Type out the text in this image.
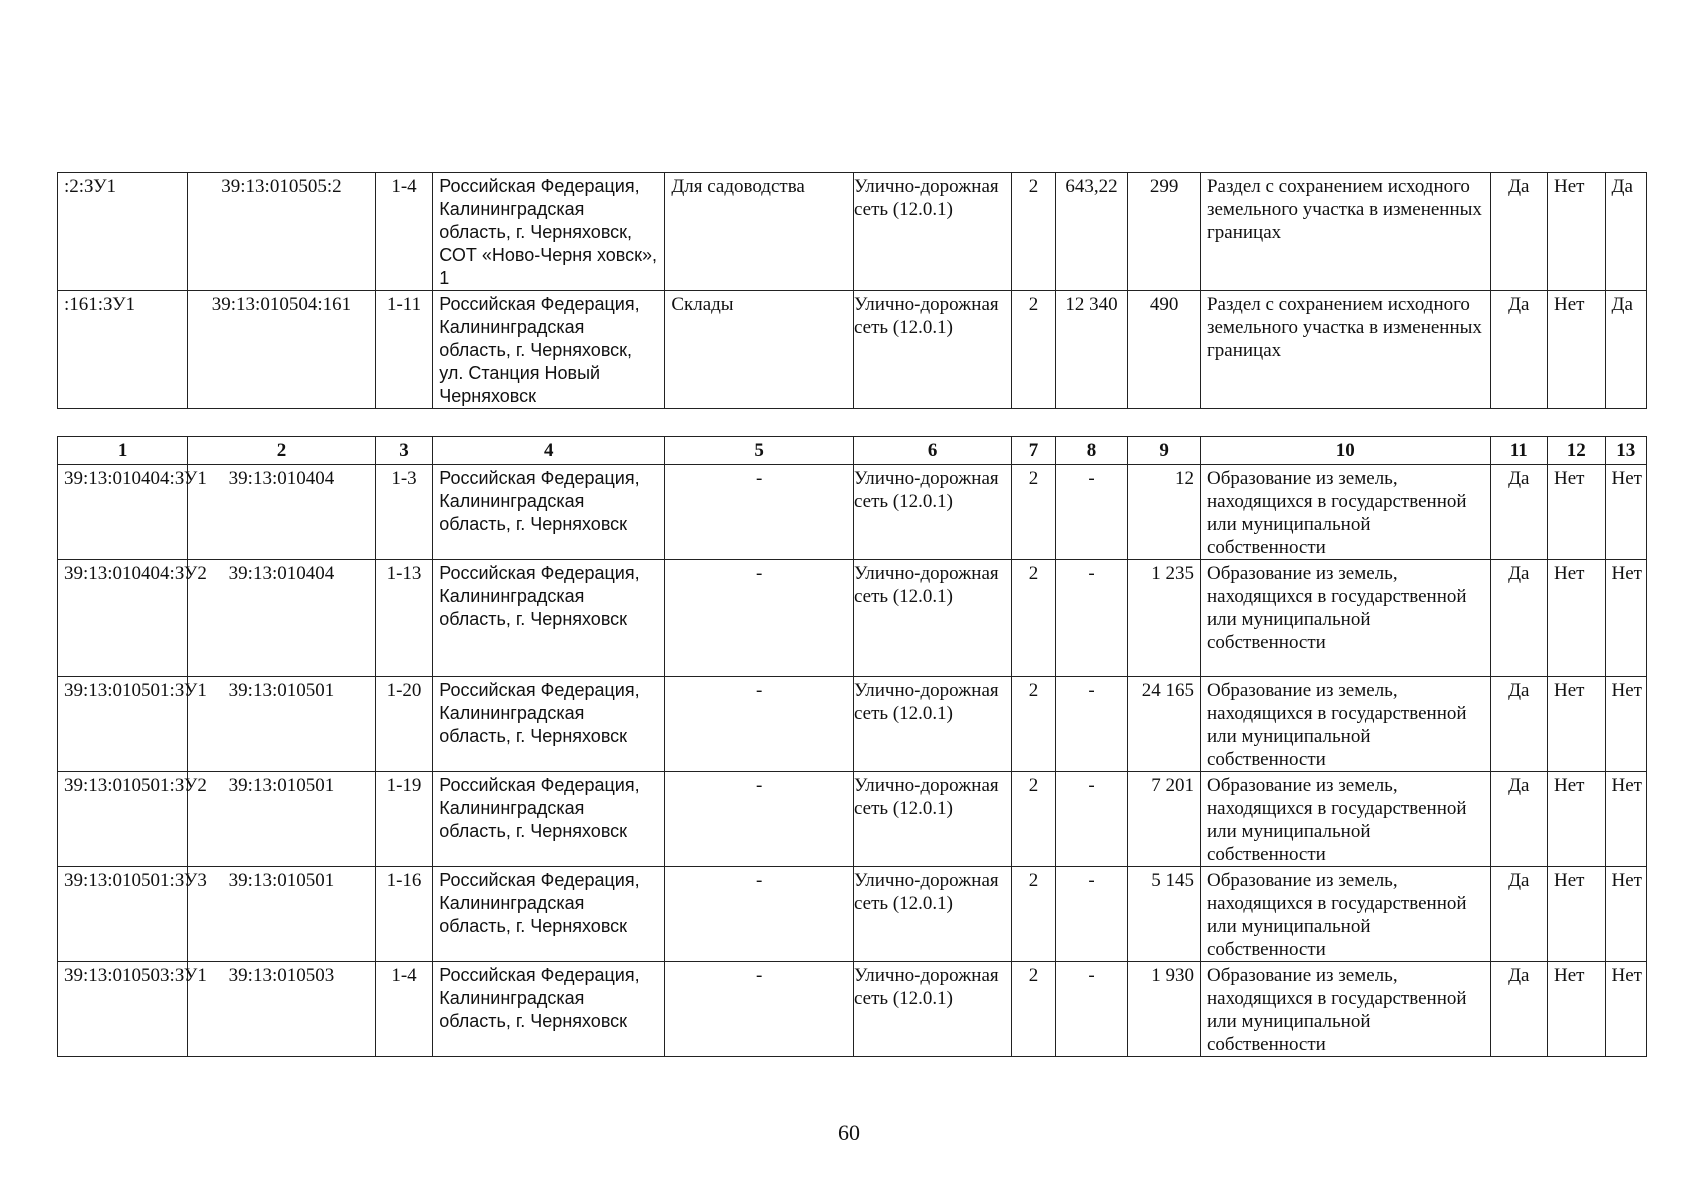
:2:ЗУ1	39:13:010505:2	1-4	Российская Федерация, Калининградская область, г. Черняховск, СОТ «Ново-Черня ховск», 1	Для садоводства	Улично-дорожная сеть (12.0.1)	2	643,22	299	Раздел с сохранением исходного земельного участка в измененных границах	Да	Нет	Да
:161:ЗУ1	39:13:010504:161	1-11	Российская Федерация, Калининградская область, г. Черняховск, ул. Станция Новый Черняховск	Склады	Улично-дорожная сеть (12.0.1)	2	12 340	490	Раздел с сохранением исходного земельного участка в измененных границах	Да	Нет	Да
1	2	3	4	5	6	7	8	9	10	11	12	13
39:13:010404:ЗУ1	39:13:010404	1-3	Российская Федерация, Калининградская область, г. Черняховск	-	Улично-дорожная сеть (12.0.1)	2	-	12	Образование из земель, находящихся в государственной или муниципальной собственности	Да	Нет	Нет
39:13:010404:ЗУ2	39:13:010404	1-13	Российская Федерация, Калининградская область, г. Черняховск	-	Улично-дорожная сеть (12.0.1)	2	-	1 235	Образование из земель, находящихся в государственной или муниципальной собственности	Да	Нет	Нет
39:13:010501:ЗУ1	39:13:010501	1-20	Российская Федерация, Калининградская область, г. Черняховск	-	Улично-дорожная сеть (12.0.1)	2	-	24 165	Образование из земель, находящихся в государственной или муниципальной собственности	Да	Нет	Нет
39:13:010501:ЗУ2	39:13:010501	1-19	Российская Федерация, Калининградская область, г. Черняховск	-	Улично-дорожная сеть (12.0.1)	2	-	7 201	Образование из земель, находящихся в государственной или муниципальной собственности	Да	Нет	Нет
39:13:010501:ЗУ3	39:13:010501	1-16	Российская Федерация, Калининградская область, г. Черняховск	-	Улично-дорожная сеть (12.0.1)	2	-	5 145	Образование из земель, находящихся в государственной или муниципальной собственности	Да	Нет	Нет
39:13:010503:ЗУ1	39:13:010503	1-4	Российская Федерация, Калининградская область, г. Черняховск	-	Улично-дорожная сеть (12.0.1)	2	-	1 930	Образование из земель, находящихся в государственной или муниципальной собственности	Да	Нет	Нет
60
